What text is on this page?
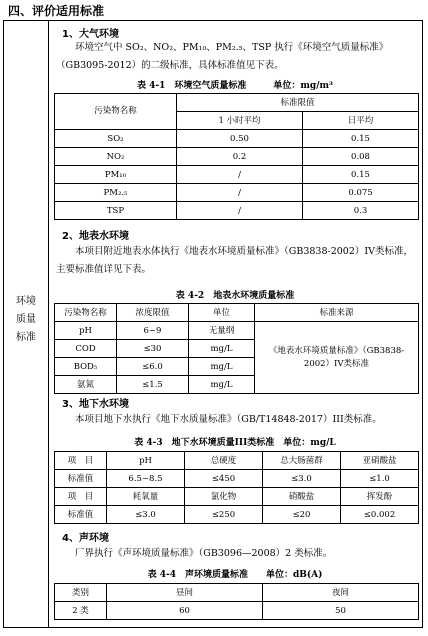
四、评价适用标准
环境
质量
标准
1、大气环境
环境空气中 SO₂、NO₂、PM₁₀、PM₂.₅、TSP 执行《环境空气质量标准》（GB3095-2012）的二级标准，具体标准值见下表。
表 4-1　环境空气质量标准　　　单位：mg/m³
污染物名称	标准限值	
	1 小时平均	日平均
SO₂	0.50	0.15
NO₂	0.2	0.08
PM₁₀	/	0.15
PM₂.₅	/	0.075
TSP	/	0.3
2、地表水环境
本项目附近地表水体执行《地表水环境质量标准》（GB3838-2002）IV类标准，主要标准值详见下表。
表 4-2　地表水环境质量标准
污染物名称	浓度限值	单位	标准来源
pH	6~9	无量纲	《地表水环境质量标准》（GB3838-2002）IV类标准
COD	≤30	mg/L	
BOD₅	≤6.0	mg/L	
氨氮	≤1.5	mg/L	
3、地下水环境
本项目地下水执行《地下水质量标准》（GB/T14848-2017）III类标准。
表 4-3　地下水环境质量III类标准　单位：mg/L
项　目	pH	总硬度	总大肠菌群	亚硝酸盐
标准值	6.5~8.5	≤450	≤3.0	≤1.0
项　目	耗氧量	氯化物	硝酸盐	挥发酚
标准值	≤3.0	≤250	≤20	≤0.002
4、声环境
厂界执行《声环境质量标准》（GB3096—2008）2 类标准。
表 4-4　声环境质量标准　　单位：dB(A)
类别	昼间	夜间
2 类	60	50
